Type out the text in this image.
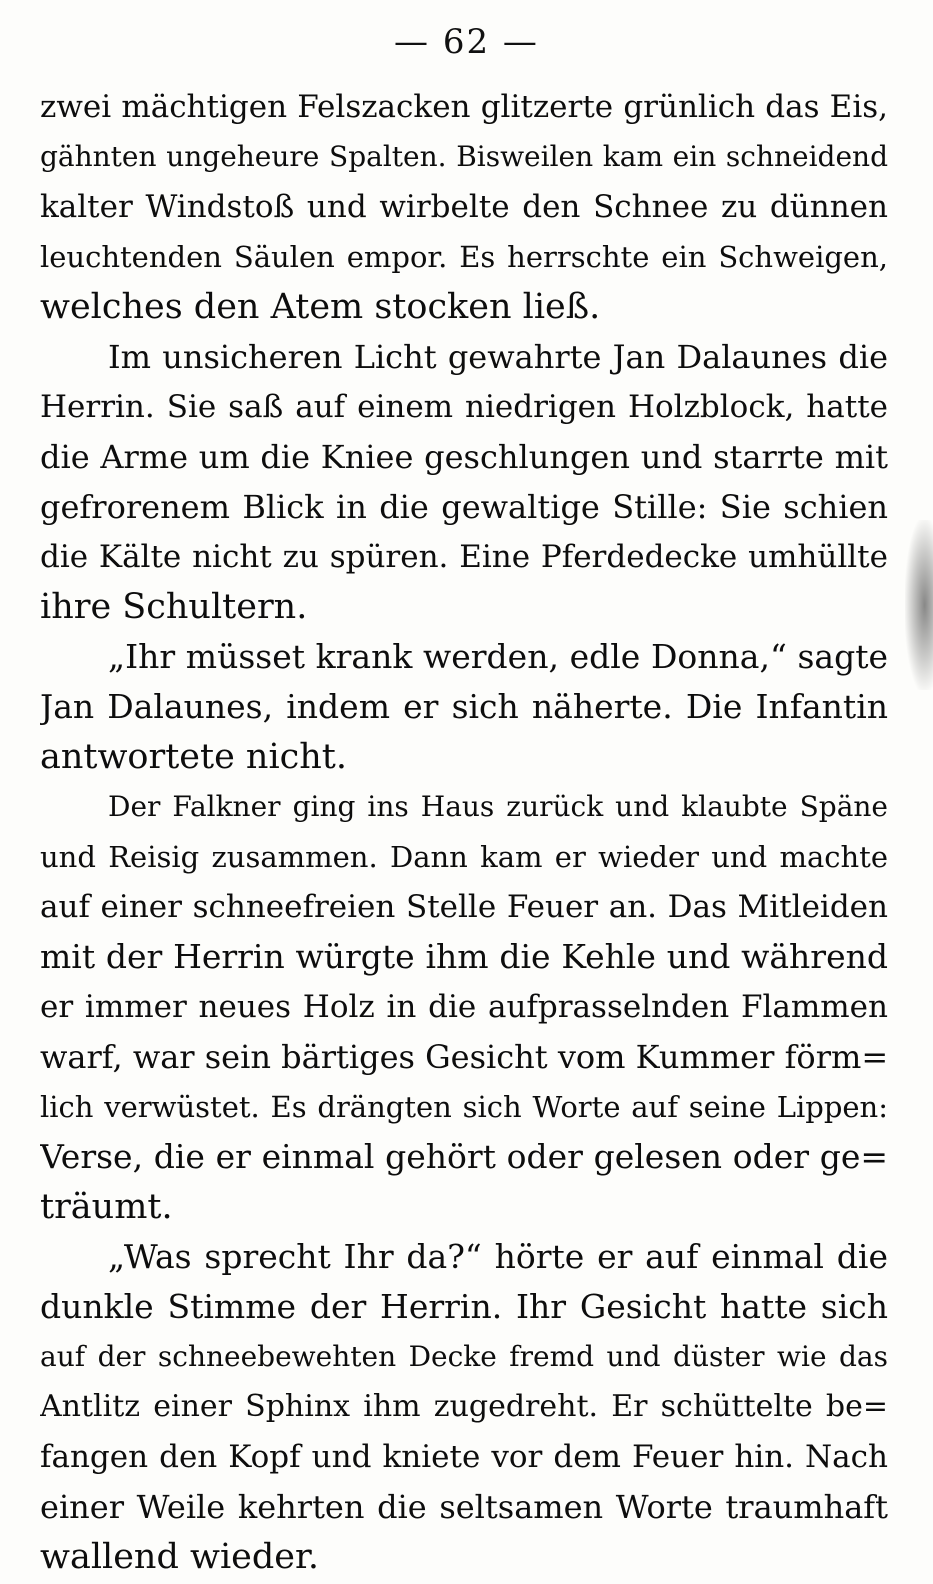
— 62 —
zwei mächtigen Felszacken glitzerte grünlich das Eis,
gähnten ungeheure Spalten. Bisweilen kam ein schneidend
kalter Windstoß und wirbelte den Schnee zu dünnen
leuchtenden Säulen empor. Es herrschte ein Schweigen,
welches den Atem stocken ließ.
Im unsicheren Licht gewahrte Jan Dalaunes die
Herrin. Sie saß auf einem niedrigen Holzblock, hatte
die Arme um die Kniee geschlungen und starrte mit
gefrorenem Blick in die gewaltige Stille: Sie schien
die Kälte nicht zu spüren. Eine Pferdedecke umhüllte
ihre Schultern.
„Ihr müsset krank werden, edle Donna,“ sagte
Jan Dalaunes, indem er sich näherte. Die Infantin
antwortete nicht.
Der Falkner ging ins Haus zurück und klaubte Späne
und Reisig zusammen. Dann kam er wieder und machte
auf einer schneefreien Stelle Feuer an. Das Mitleiden
mit der Herrin würgte ihm die Kehle und während
er immer neues Holz in die aufprasselnden Flammen
warf, war sein bärtiges Gesicht vom Kummer förm=
lich verwüstet. Es drängten sich Worte auf seine Lippen:
Verse, die er einmal gehört oder gelesen oder ge=
träumt.
„Was sprecht Ihr da?“ hörte er auf einmal die
dunkle Stimme der Herrin. Ihr Gesicht hatte sich
auf der schneebewehten Decke fremd und düster wie das
Antlitz einer Sphinx ihm zugedreht. Er schüttelte be=
fangen den Kopf und kniete vor dem Feuer hin. Nach
einer Weile kehrten die seltsamen Worte traumhaft
wallend wieder.
